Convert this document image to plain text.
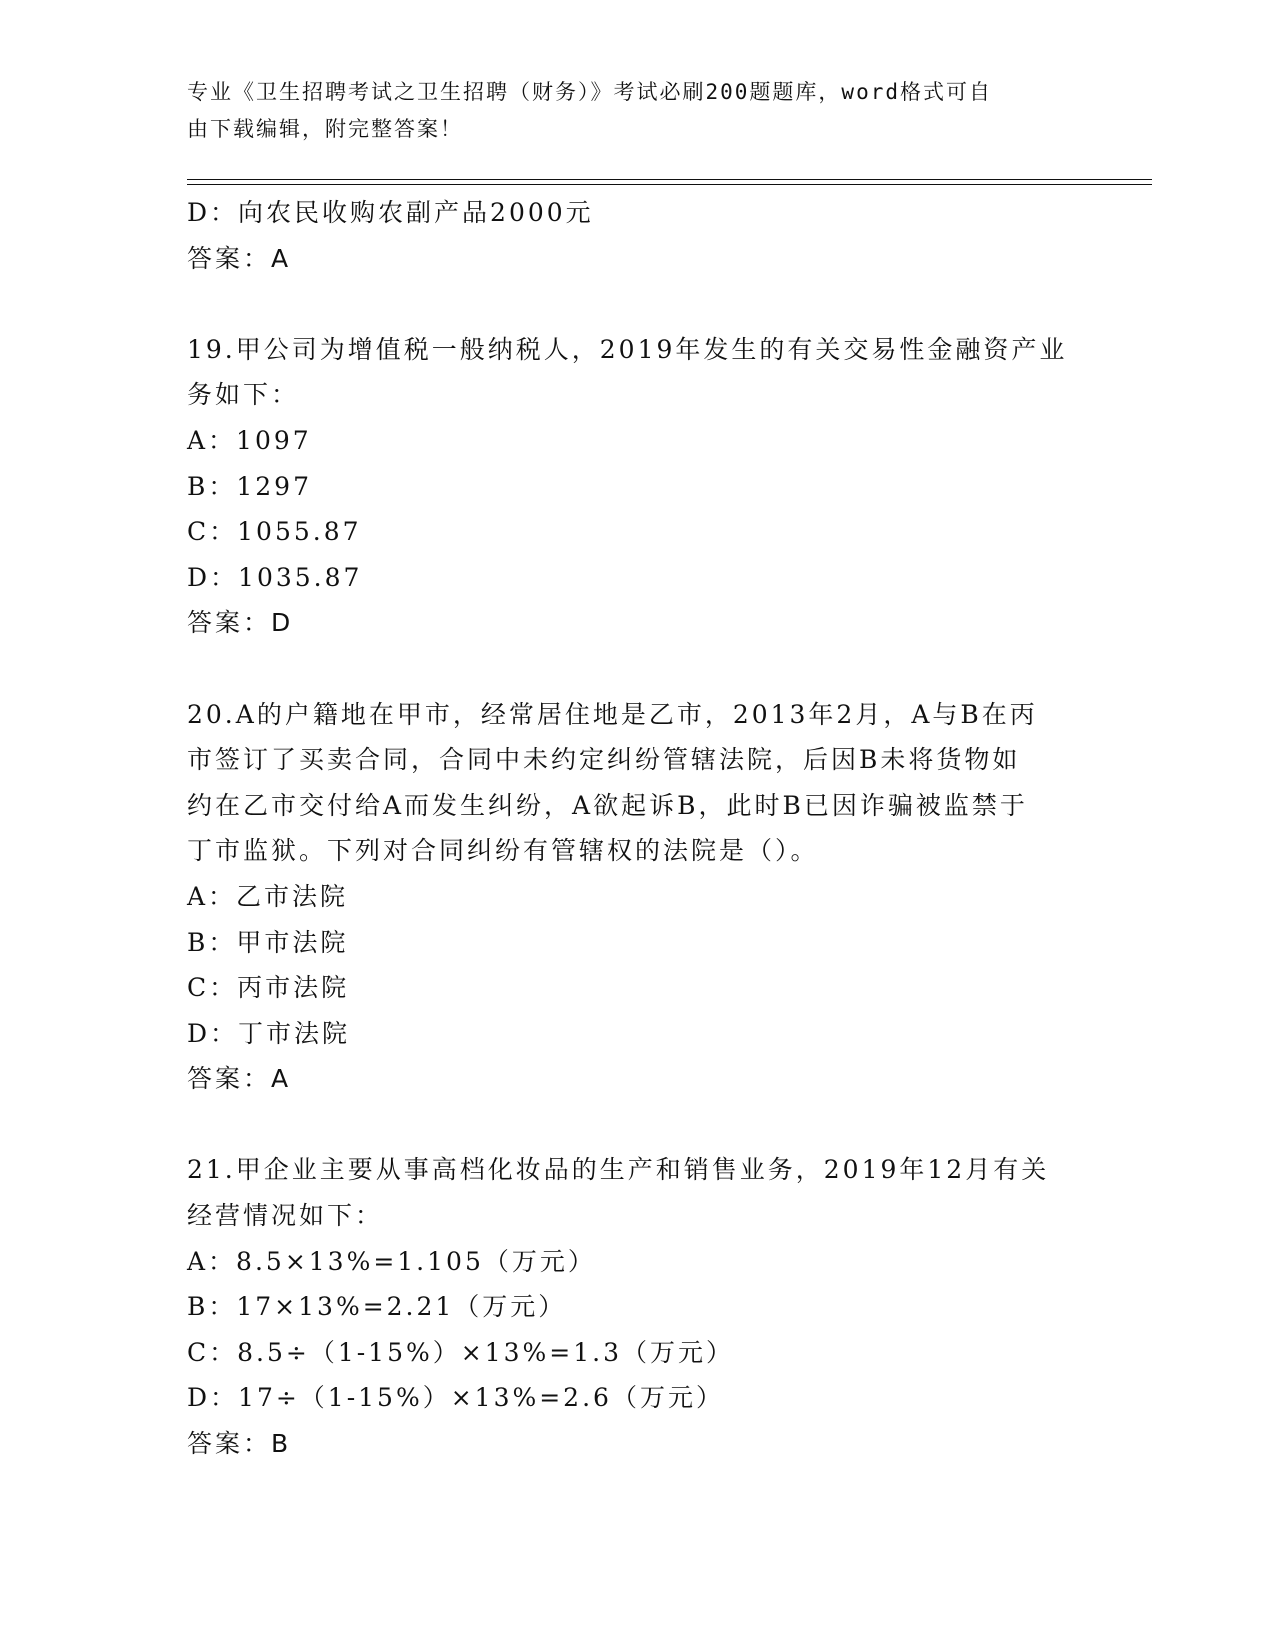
专业《卫生招聘考试之卫生招聘（财务）》考试必刷200题题库，word格式可自
由下载编辑，附完整答案！
D：向农民收购农副产品2000元
答案：A
19.甲公司为增值税一般纳税人，2019年发生的有关交易性金融资产业
务如下：
A：1097
B：1297
C：1055.87
D：1035.87
答案：D
20.A的户籍地在甲市，经常居住地是乙市，2013年2月，A与B在丙
市签订了买卖合同，合同中未约定纠纷管辖法院，后因B未将货物如
约在乙市交付给A而发生纠纷，A欲起诉B，此时B已因诈骗被监禁于
丁市监狱。下列对合同纠纷有管辖权的法院是（）。
A：乙市法院
B：甲市法院
C：丙市法院
D：丁市法院
答案：A
21.甲企业主要从事高档化妆品的生产和销售业务，2019年12月有关
经营情况如下：
A：8.5×13%=1.105（万元）
B：17×13%=2.21（万元）
C：8.5÷（1-15%）×13%=1.3（万元）
D：17÷（1-15%）×13%=2.6（万元）
答案：B
